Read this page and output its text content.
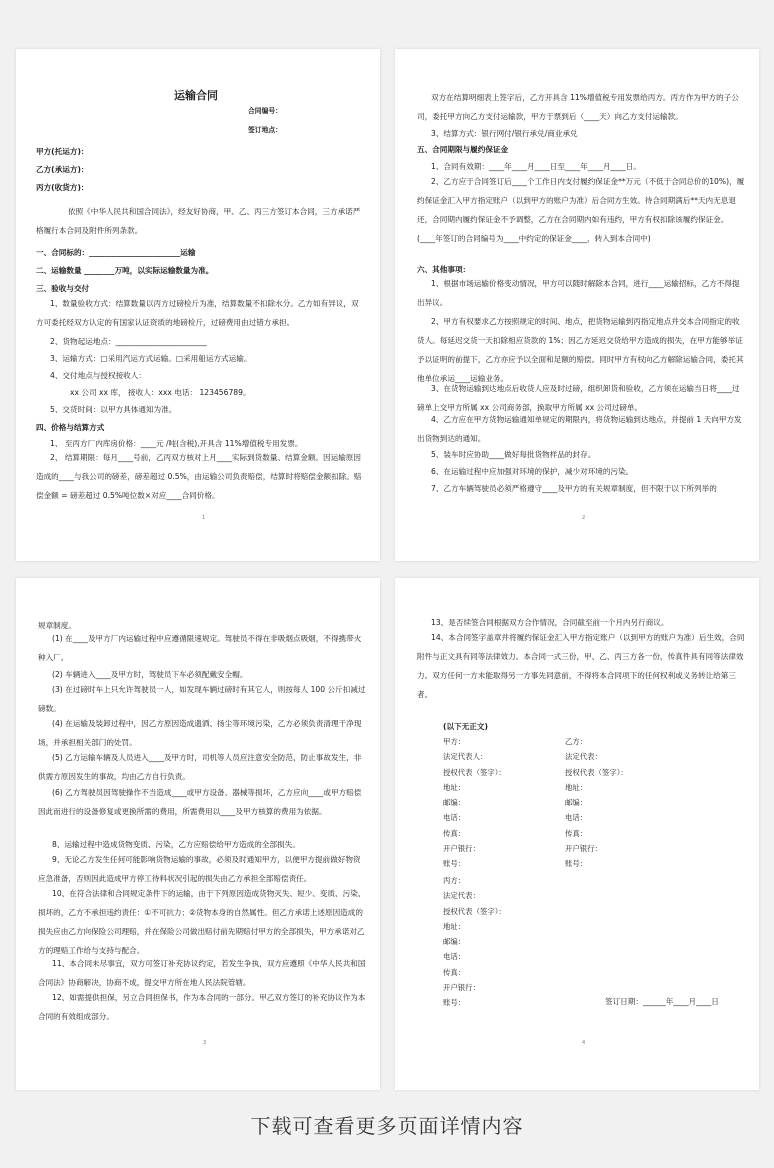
运输合同
合同编号：
签订地点：
甲方(托运方)：
乙方(承运方)：
丙方(收货方)：
依照《中华人民共和国合同法》，经友好协商，甲、乙、丙三方签订本合同，三方承诺严格履行本合同及附件所列条款。
一、合同标的：________________________运输
二、运输数量 ________万吨，以实际运输数量为准。
三、验收与交付
1、数量验收方式：结算数量以丙方过磅检斤为准，结算数量不扣除水分。乙方如有异议，双方可委托经双方认定的有国家认证资质的地磅检斤，过磅费用由过错方承担。
2、货物起运地点：________________________
3、运输方式：□采用汽运方式运输。□采用船运方式运输。
4、交付地点与授权接收人：
xx 公司 xx 库， 接收人：xxx 电话： 123456789。
5、交货时间：以甲方具体通知为准。
四、价格与结算方式
1、 至丙方厂内库房价格：____元 /吨(含税),开具含 11%增值税专用发票。
2、 结算期限：每月____号前，乙丙双方核对上月____实际到货数量、结算金额。因运输原因造成的____与我公司的磅差，磅差超过 0.5%，由运输公司负责赔偿，结算时将赔偿金额扣除。赔偿金额 = 磅差超过 0.5%吨位数×对应____合同价格。
1
双方在结算明细表上签字后，乙方开具含 11%增值税专用发票给丙方。丙方作为甲方的子公司，委托甲方向乙方支付运输款，甲方于票到后（____天）向乙方支付运输款。
3、结算方式：银行网付/银行承兑/商业承兑
五、合同期限与履约保证金
1、合同有效期：____年____月____日至____年____月____日。
2、乙方应于合同签订后____个工作日内支付履约保证金**万元（不低于合同总价的10%)，履约保证金汇入甲方指定账户（以到甲方的账户为准）后合同方生效。待合同期满后**天内无息退还，合同期内履约保证金不予调整，乙方在合同期内如有违约，甲方有权扣除该履约保证金。(____年签订的合同编号为____中约定的保证金____，转入到本合同中)
六、其他事项：
1、根据市场运输价格变动情况，甲方可以随时解除本合同，进行____运输招标，乙方不得提出异议。
2、甲方有权要求乙方按照规定的时间、地点，把货物运输到丙指定地点并交本合同指定的收货人。每延迟交货一天扣除相应货款的 1%；因乙方延迟交货给甲方造成的损失，在甲方能够举证予以证明的前提下，乙方亦应予以全面和足额的赔偿。同时甲方有权向乙方解除运输合同，委托其他单位承运____运输业务。
3、在货物运输到达地点后收货人应及时过磅，组织卸货和验收，乙方须在运输当日将____过磅单上交甲方所属 xx 公司商务部，换取甲方所属 xx 公司过磅单。
4、乙方应在甲方货物运输通知单规定的期限内，将货物运输到达地点，并提前 1 天向甲方发出货物到达的通知。
5、装车时应协助____做好每批货物样品的封存。
6、在运输过程中应加强对环境的保护，减少对环境的污染。
7、乙方车辆驾驶员必须严格遵守____及甲方的有关规章制度，但不限于以下所列举的
2
规章制度。
(1) 在____及甲方厂内运输过程中应遵循限速规定。驾驶员不得在非吸烟点吸烟，不得携带火种入厂。
(2) 车辆进入____及甲方时，驾驶员下车必须配戴安全帽。
(3) 在过磅时车上只允许驾驶员一人，如发现车辆过磅时有其它人，则按每人 100 公斤扣减过磅数。
(4) 在运输及装卸过程中，因乙方原因造成遗洒、扬尘等环境污染，乙方必须负责清理干净现场，并承担相关部门的处罚。
(5) 乙方运输车辆及人员进入____及甲方时，司机等人员应注意安全防范，防止事故发生，非供需方原因发生的事故，均由乙方自行负责。
(6) 乙方驾驶员因驾驶操作不当造成____或甲方设备、器械等损坏，乙方应向____或甲方赔偿因此而进行的设备修复或更换所需的费用，所需费用以____及甲方核算的费用为依据。
8、运输过程中造成货物变质、污染，乙方应赔偿给甲方造成的全部损失。
9、无论乙方发生任何可能影响货物运输的事故，必须及时通知甲方，以便甲方提前做好物资应急准备，否则因此造成甲方停工待料状况引起的损失由乙方承担全部赔偿责任。
10、在符合法律和合同规定条件下的运输，由于下列原因造成货物灭失、短少、变质、污染、损坏的，乙方不承担违约责任：①不可抗力；②货物本身的自然属性。但乙方承诺上述原因造成的损失应由乙方向保险公司理赔，并在保险公司做出赔付前先期赔付甲方的全部损失，甲方承诺对乙方的理赔工作给与支持与配合。
11、本合同未尽事宜，双方可签订补充协议约定，若发生争执，双方应遵照《中华人民共和国合同法》协商解决，协商不成，提交甲方所在地人民法院管辖。
12、如需提供担保，另立合同担保书，作为本合同的一部分。甲乙双方签订的补充协议作为本合同的有效组成部分。
3
13、是否续签合同根据双方合作情况，合同截至前一个月内另行商议。
14、本合同签字盖章并将履约保证金汇入甲方指定账户（以到甲方的账户为准）后生效，合同附件与正文具有同等法律效力。本合同一式三份，甲、乙、丙三方各一份，传真件具有同等法律效力。双方任何一方未能取得另一方事先同意前，不得将本合同项下的任何权利或义务转让给第三者。
(以下无正文)
甲方：
法定代表人：
授权代表（签字）：
地址：
邮编：
电话：
传真：
开户银行：
账号：
乙方：
法定代表：
授权代表（签字）：
地址：
邮编：
电话：
传真：
开户银行：
账号：
丙方：
法定代表：
授权代表（签字）：
地址：
邮编：
电话：
传真：
开户银行：
账号：	签订日期：______年____月____日
4
下载可查看更多页面详情内容
